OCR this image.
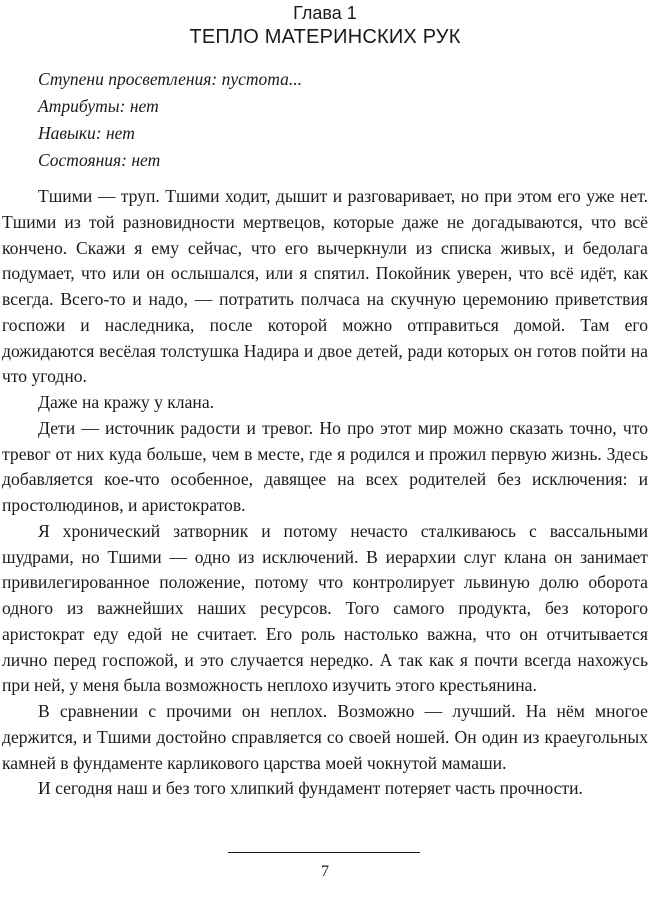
Глава 1
ТЕПЛО МАТЕРИНСКИХ РУК
Ступени просветления: пустота...
Атрибуты: нет
Навыки: нет
Состояния: нет

Тшими — труп. Тшими ходит, дышит и разговаривает, но при этом его уже нет. Тшими из той разновидности мертвецов, которые даже не догадываются, что всё кончено. Скажи я ему сейчас, что его вычеркнули из списка живых, и бедолага подумает, что или он ослышался, или я спятил. Покойник уверен, что всё идёт, как всегда. Всего-то и надо, — потратить полчаса на скучную церемонию приветствия госпожи и наследника, после которой можно отправиться домой. Там его дожидаются весёлая толстушка Надира и двое детей, ради которых он готов пойти на что угодно.

Даже на кражу у клана.

Дети — источник радости и тревог. Но про этот мир можно сказать точно, что тревог от них куда больше, чем в месте, где я родился и прожил первую жизнь. Здесь добавляется кое-что особенное, давящее на всех родителей без исключения: и простолюдинов, и аристократов.

Я хронический затворник и потому нечасто сталкиваюсь с вассальными шудрами, но Тшими — одно из исключений. В иерархии слуг клана он занимает привилегированное положение, потому что контролирует львиную долю оборота одного из важнейших наших ресурсов. Того самого продукта, без которого аристократ еду едой не считает. Его роль настолько важна, что он отчитывается лично перед госпожой, и это случается нередко. А так как я почти всегда нахожусь при ней, у меня была возможность неплохо изучить этого крестьянина.

В сравнении с прочими он неплох. Возможно — лучший. На нём многое держится, и Тшими достойно справляется со своей ношей. Он один из краеугольных камней в фундаменте карликового царства моей чокнутой мамаши.

И сегодня наш и без того хлипкий фундамент потеряет часть прочности.

7
